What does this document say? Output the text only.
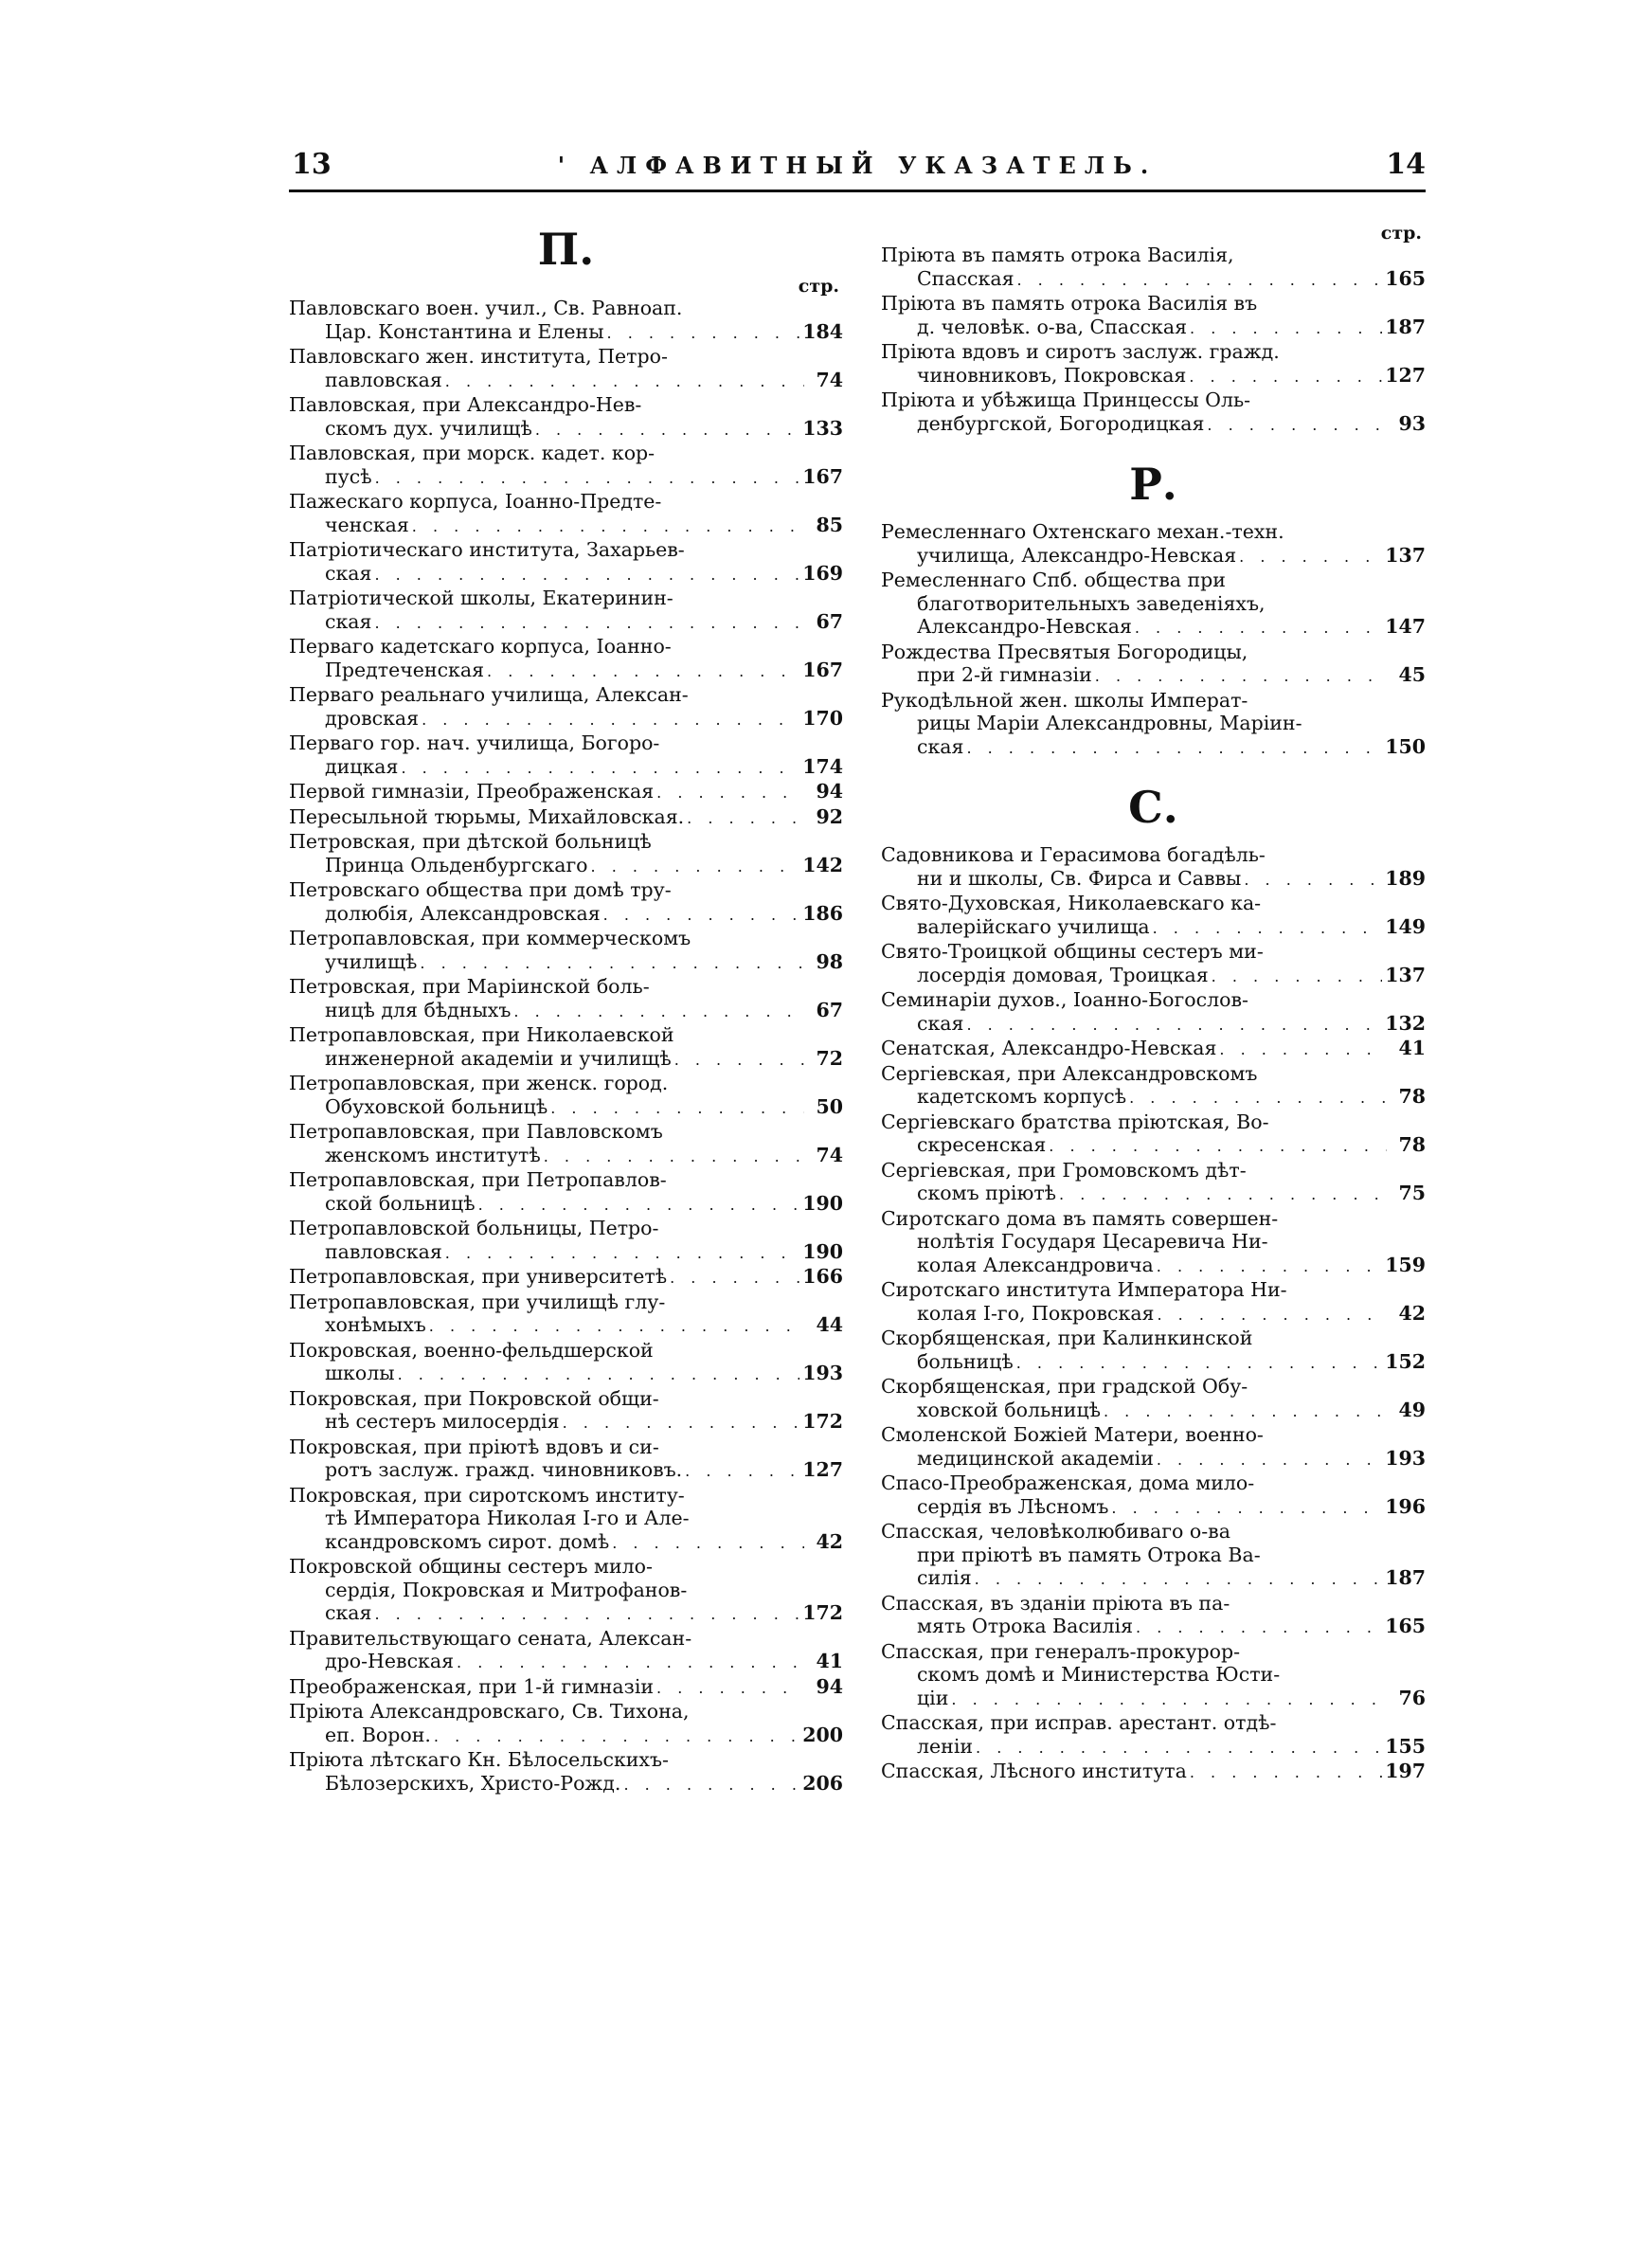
13	' АЛФАВИТНЫЙ УКАЗАТЕЛЬ.	14
П.
стр.
Павловскаго воен. учил., Св. Равноап.
Цар. Константина и Елены . . .	184
Павловскаго жен. института, Петро-
павловская . . .	74
Павловская, при Александро-Нев-
скомъ дух. училищѣ . . .	133
Павловская, при морск. кадет. кор-
пусѣ . . .	167
Пажескаго корпуса, Іоанно-Предте-
ченская . . .	85
Патріотическаго института, Захарьев-
ская . . .	169
Патріотической школы, Екатеринин-
ская . . .	67
Перваго кадетскаго корпуса, Іоанно-
Предтеченская . . .	167
Перваго реальнаго училища, Алексан-
дровская . . .	170
Перваго гор. нач. училища, Богоро-
дицкая . . .	174
Первой гимназіи, Преображенская . . .	94
Пересыльной тюрьмы, Михайловская. . . .	92
Петровская, при дѣтской больницѣ
Принца Ольденбургскаго . . .	142
Петровскаго общества при домѣ тру-
долюбія, Александровская . . .	186
Петропавловская, при коммерческомъ
училищѣ . . .	98
Петровская, при Маріинской боль-
ницѣ для бѣдныхъ . . .	67
Петропавловская, при Николаевской
инженерной академіи и училищѣ . . .	72
Петропавловская, при женск. город.
Обуховской больницѣ . . .	50
Петропавловская, при Павловскомъ
женскомъ институтѣ . . .	74
Петропавловская, при Петропавлов-
ской больницѣ . . .	190
Петропавловской больницы, Петро-
павловская . . .	190
Петропавловская, при университетѣ . . .	166
Петропавловская, при училищѣ глу-
хонѣмыхъ . . .	44
Покровская, военно-фельдшерской
школы . . .	193
Покровская, при Покровской общи-
нѣ сестеръ милосердія . . .	172
Покровская, при пріютѣ вдовъ и си-
ротъ заслуж. гражд. чиновниковъ. . . .	127
Покровская, при сиротскомъ институ-
тѣ Императора Николая I-го и Але-
ксандровскомъ сирот. домѣ . . .	42
Покровской общины сестеръ мило-
сердія, Покровская и Митрофанов-
ская . . .	172
Правительствующаго сената, Алексан-
дро-Невская . . .	41
Преображенская, при 1-й гимназіи . . .	94
Пріюта Александровскаго, Св. Тихона,
еп. Ворон. . . .	200
Пріюта лѣтскаго Кн. Бѣлосельскихъ-
Бѣлозерскихъ, Христо-Рожд. . . .	206
стр.
Пріюта въ память отрока Василія,
Спасская . . .	165
Пріюта въ память отрока Василія въ
д. человѣк. о-ва, Спасская . . .	187
Пріюта вдовъ и сиротъ заслуж. гражд.
чиновниковъ, Покровская . . .	127
Пріюта и убѣжища Принцессы Оль-
денбургской, Богородицкая . . .	93
Р.
Ремесленнаго Охтенскаго механ.-техн.
училища, Александро-Невская . . .	137
Ремесленнаго Спб. общества при
благотворительныхъ заведеніяхъ,
Александро-Невская . . .	147
Рождества Пресвятыя Богородицы,
при 2-й гимназіи . . .	45
Рукодѣльной жен. школы Императ-
рицы Маріи Александровны, Маріин-
ская . . .	150
С.
Садовникова и Герасимова богадѣль-
ни и школы, Св. Фирса и Саввы . . .	189
Свято-Духовская, Николаевскаго ка-
валерійскаго училища . . .	149
Свято-Троицкой общины сестеръ ми-
лосердія домовая, Троицкая . . .	137
Семинаріи духов., Іоанно-Богослов-
ская . . .	132
Сенатская, Александро-Невская . . .	41
Сергіевская, при Александровскомъ
кадетскомъ корпусѣ . . .	78
Сергіевскаго братства пріютская, Во-
скресенская . . .	78
Сергіевская, при Громовскомъ дѣт-
скомъ пріютѣ . . .	75
Сиротскаго дома въ память совершен-
нолѣтія Государя Цесаревича Ни-
колая Александровича . . .	159
Сиротскаго института Императора Ни-
колая I-го, Покровская . . .	42
Скорбященская, при Калинкинской
больницѣ . . .	152
Скорбященская, при градской Обу-
ховской больницѣ . . .	49
Смоленской Божіей Матери, военно-
медицинской академіи . . .	193
Спасо-Преображенская, дома мило-
сердія въ Лѣсномъ . . .	196
Спасская, человѣколюбиваго о-ва
при пріютѣ въ память Отрока Ва-
силія . . .	187
Спасская, въ зданіи пріюта въ па-
мять Отрока Василія . . .	165
Спасская, при генералъ-прокурор-
скомъ домѣ и Министерства Юсти-
ціи . . .	76
Спасская, при исправ. арестант. отдѣ-
леніи . . .	155
Спасская, Лѣсного института . . .	197
